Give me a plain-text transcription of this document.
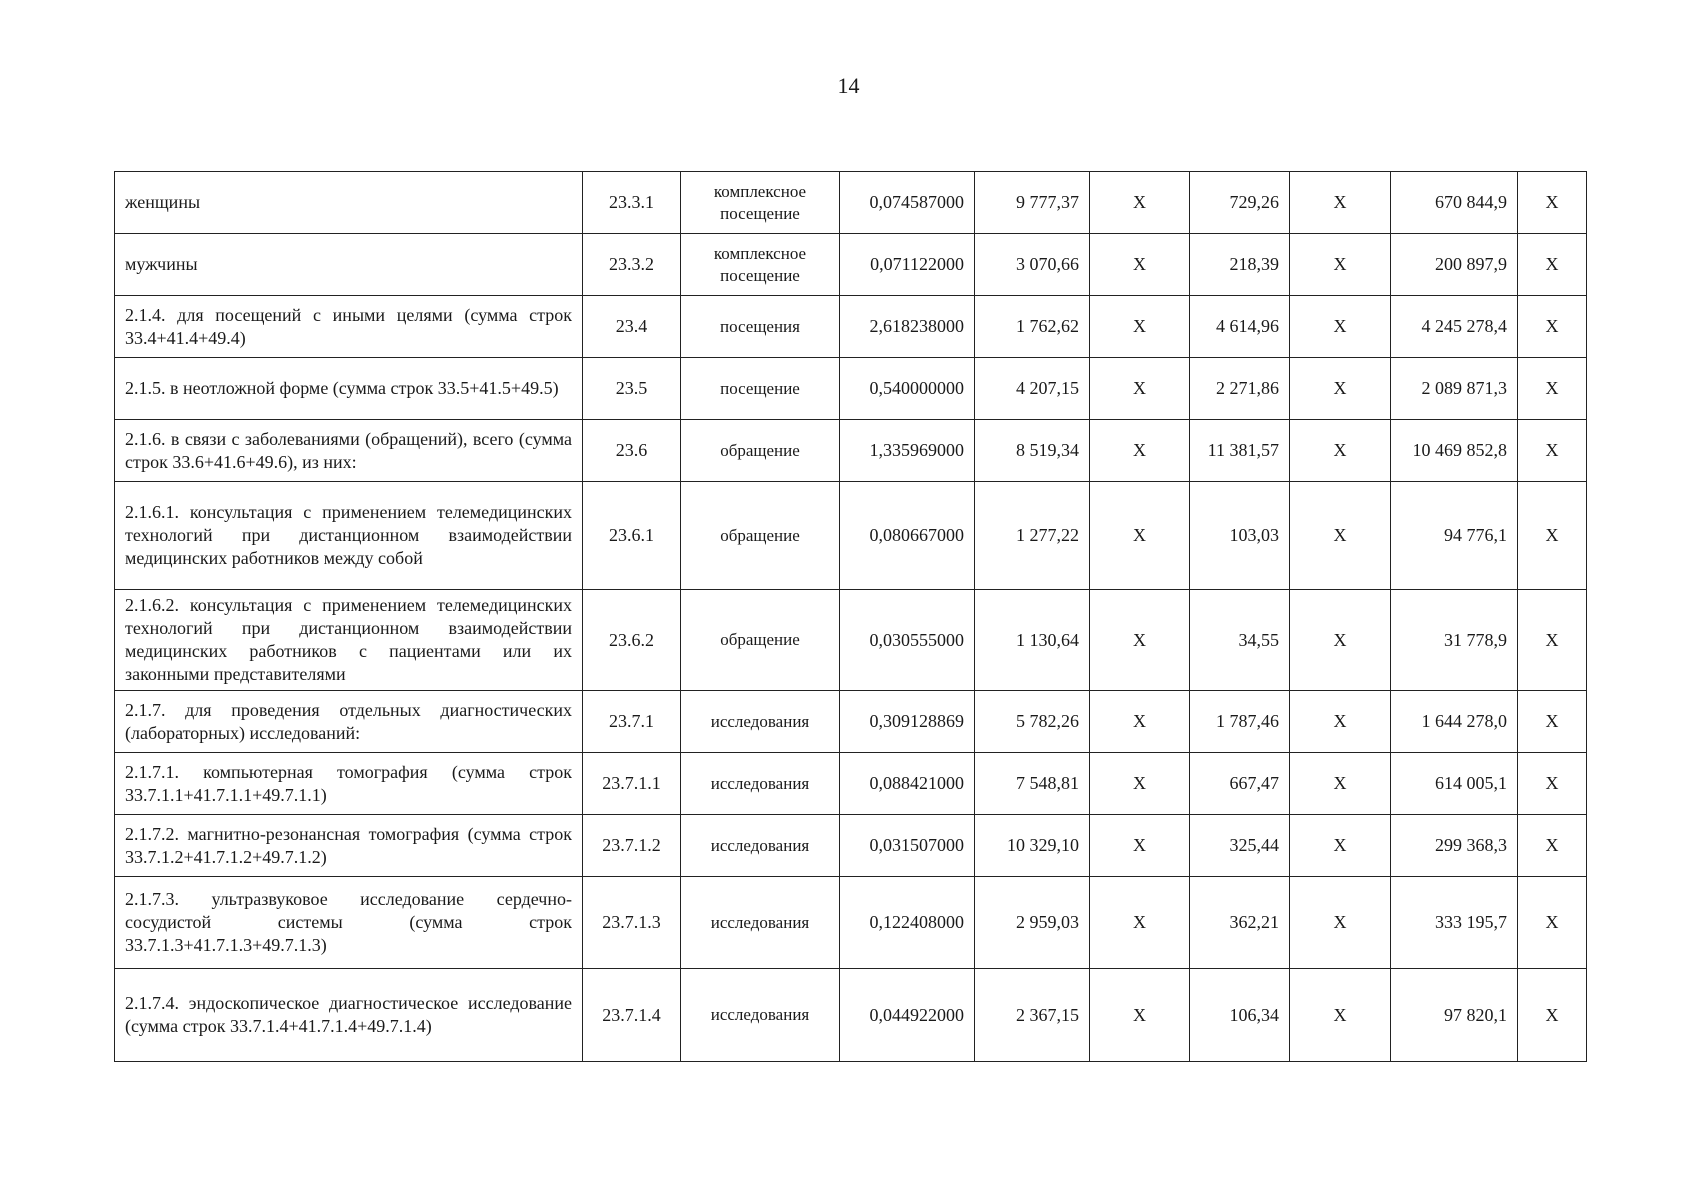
14
женщины	23.3.1	комплексное посещение	0,074587000	9 777,37	Х	729,26	Х	670 844,9	Х
мужчины	23.3.2	комплексное посещение	0,071122000	3 070,66	Х	218,39	Х	200 897,9	Х
2.1.4. для посещений с иными целями (сумма строк 33.4+41.4+49.4)	23.4	посещения	2,618238000	1 762,62	Х	4 614,96	Х	4 245 278,4	Х
2.1.5. в неотложной форме (сумма строк 33.5+41.5+49.5)	23.5	посещение	0,540000000	4 207,15	Х	2 271,86	Х	2 089 871,3	Х
2.1.6. в связи с заболеваниями (обращений), всего (сумма строк 33.6+41.6+49.6), из них:	23.6	обращение	1,335969000	8 519,34	Х	11 381,57	Х	10 469 852,8	Х
2.1.6.1. консультация с применением телемедицинских технологий при дистанционном взаимодействии медицинских работников между собой	23.6.1	обращение	0,080667000	1 277,22	Х	103,03	Х	94 776,1	Х
2.1.6.2. консультация с применением телемедицинских технологий при дистанционном взаимодействии медицинских работников с пациентами или их законными представителями	23.6.2	обращение	0,030555000	1 130,64	Х	34,55	Х	31 778,9	Х
2.1.7. для проведения отдельных диагностических (лабораторных) исследований:	23.7.1	исследования	0,309128869	5 782,26	Х	1 787,46	Х	1 644 278,0	Х
2.1.7.1. компьютерная томография (сумма строк 33.7.1.1+41.7.1.1+49.7.1.1)	23.7.1.1	исследования	0,088421000	7 548,81	Х	667,47	Х	614 005,1	Х
2.1.7.2. магнитно-резонансная томография (сумма строк 33.7.1.2+41.7.1.2+49.7.1.2)	23.7.1.2	исследования	0,031507000	10 329,10	Х	325,44	Х	299 368,3	Х
2.1.7.3. ультразвуковое исследование сердечно-сосудистой системы (сумма строк 33.7.1.3+41.7.1.3+49.7.1.3)	23.7.1.3	исследования	0,122408000	2 959,03	Х	362,21	Х	333 195,7	Х
2.1.7.4. эндоскопическое диагностическое исследование (сумма строк 33.7.1.4+41.7.1.4+49.7.1.4)	23.7.1.4	исследования	0,044922000	2 367,15	Х	106,34	Х	97 820,1	Х
